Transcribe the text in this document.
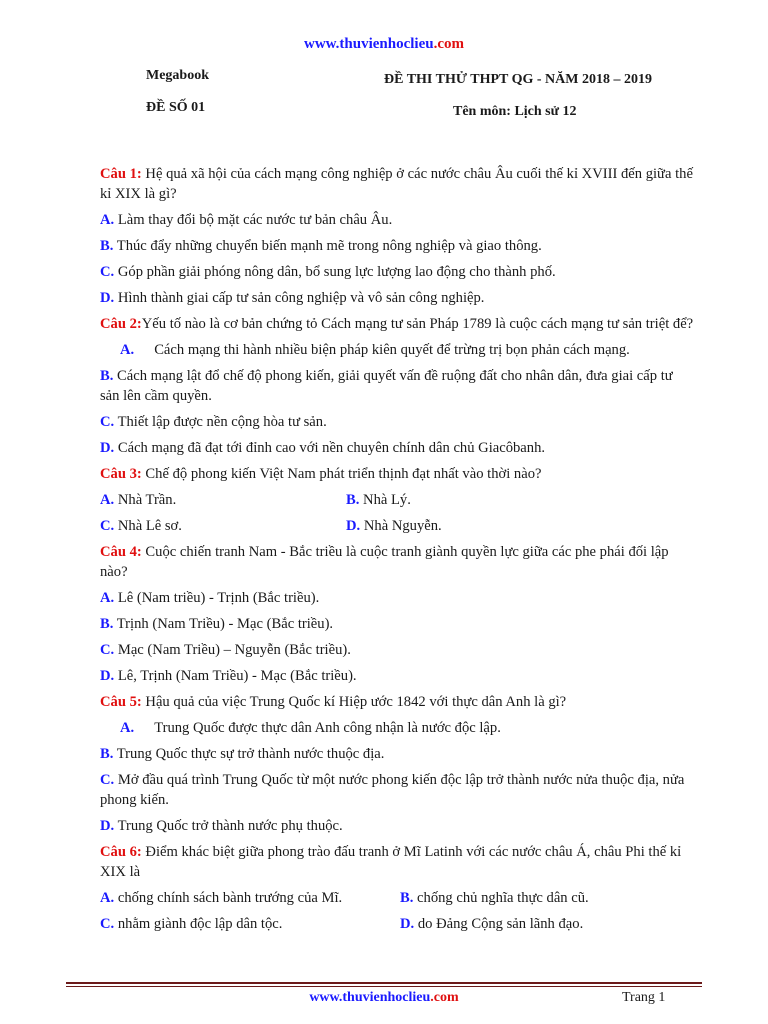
www.thuvienhoclieu.com
Megabook
ĐỀ SỐ 01
ĐỀ THI THỬ THPT QG - NĂM 2018 – 2019
Tên môn: Lịch sử 12
Câu 1: Hệ quả xã hội của cách mạng công nghiệp ở các nước châu Âu cuối thế kỉ XVIII đến giữa thế kỉ XIX là gì?
A. Làm thay đổi bộ mặt các nước tư bản châu Âu.
B. Thúc đẩy những chuyển biến mạnh mẽ trong nông nghiệp và giao thông.
C. Góp phần giải phóng nông dân, bổ sung lực lượng lao động cho thành phố.
D. Hình thành giai cấp tư sản công nghiệp và vô sản công nghiệp.
Câu 2:Yếu tố nào là cơ bản chứng tỏ Cách mạng tư sản Pháp 1789 là cuộc cách mạng tư sản triệt để?
A. Cách mạng thi hành nhiều biện pháp kiên quyết để trừng trị bọn phản cách mạng.
B. Cách mạng lật đổ chế độ phong kiến, giải quyết vấn đề ruộng đất cho nhân dân, đưa giai cấp tư sản lên cầm quyền.
C. Thiết lập được nền cộng hòa tư sản.
D. Cách mạng đã đạt tới đỉnh cao với nền chuyên chính dân chủ Giacôbanh.
Câu 3: Chế độ phong kiến Việt Nam phát triển thịnh đạt nhất vào thời nào?
A. Nhà Trần.	B. Nhà Lý.
C. Nhà Lê sơ.	D. Nhà Nguyễn.
Câu 4: Cuộc chiến tranh Nam - Bắc triều là cuộc tranh giành quyền lực giữa các phe phái đối lập nào?
A. Lê (Nam triều) - Trịnh (Bắc triều).
B. Trịnh (Nam Triều) - Mạc (Bắc triều).
C. Mạc (Nam Triều) – Nguyễn (Bắc triều).
D. Lê, Trịnh (Nam Triều) - Mạc (Bắc triều).
Câu 5: Hậu quả của việc Trung Quốc kí Hiệp ước 1842 với thực dân Anh là gì?
A. Trung Quốc được thực dân Anh công nhận là nước độc lập.
B. Trung Quốc thực sự trở thành nước thuộc địa.
C. Mở đầu quá trình Trung Quốc từ một nước phong kiến độc lập trở thành nước nửa thuộc địa, nửa phong kiến.
D. Trung Quốc trở thành nước phụ thuộc.
Câu 6: Điểm khác biệt giữa phong trào đấu tranh ở Mĩ Latinh với các nước châu Á, châu Phi thế kỉ XIX là
A. chống chính sách bành trướng của Mĩ.	B. chống chủ nghĩa thực dân cũ.
C. nhằm giành độc lập dân tộc.	D. do Đảng Cộng sản lãnh đạo.
www.thuvienhoclieu.com	Trang 1
